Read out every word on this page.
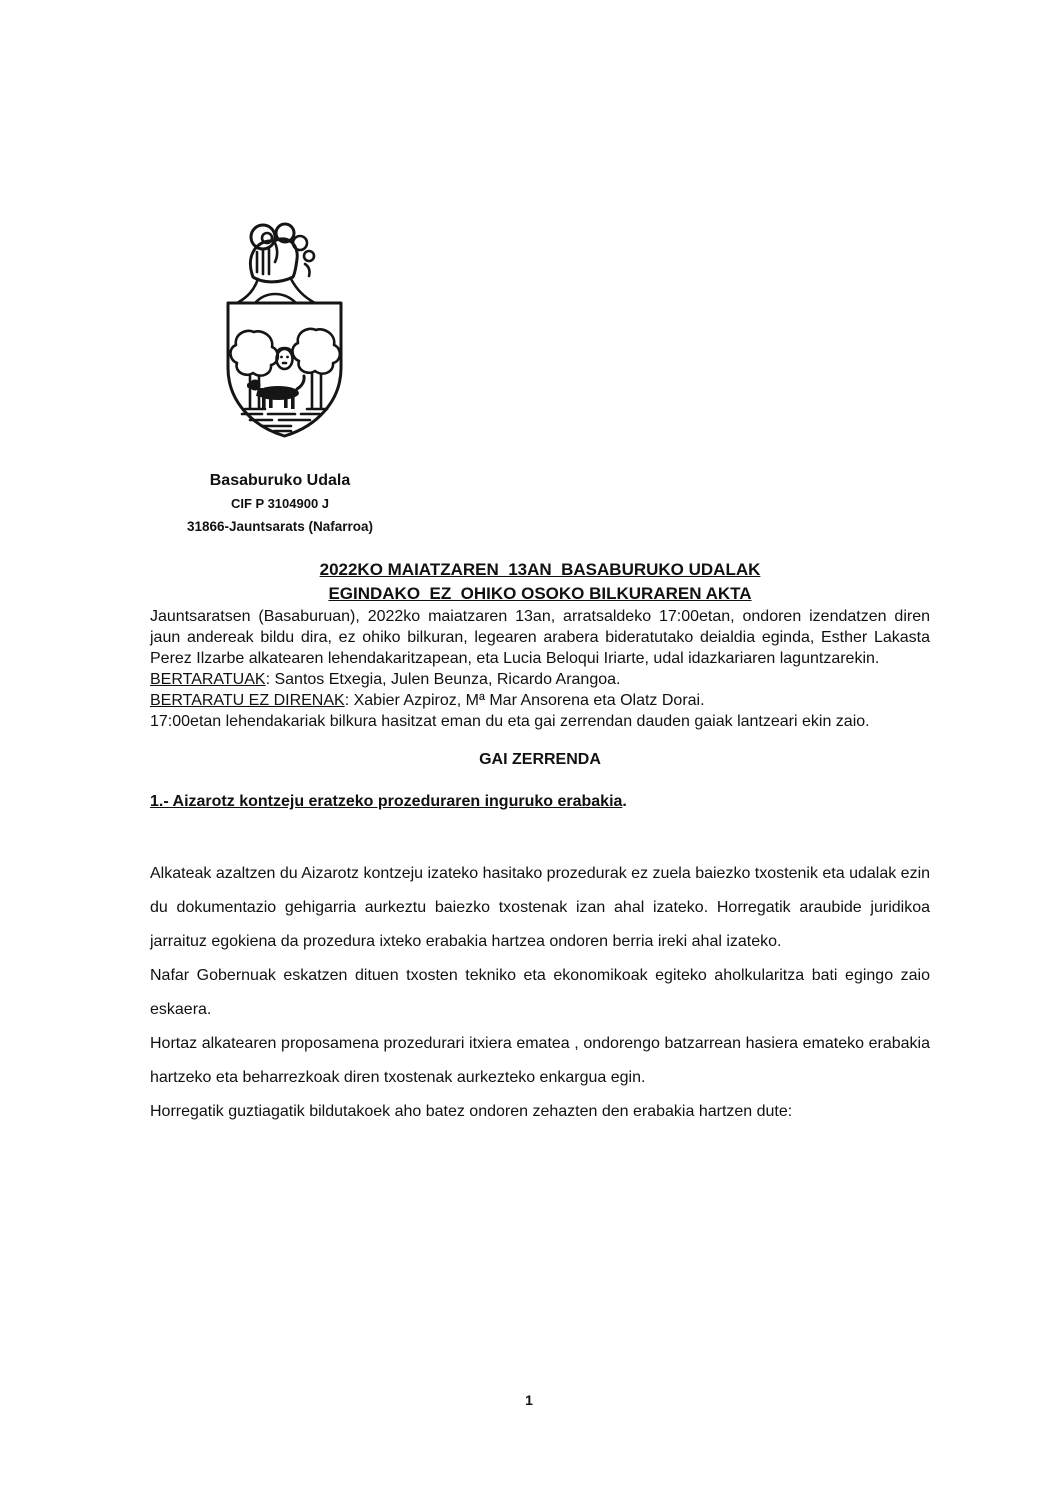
Basaburuko Udala
CIF P 3104900 J
31866-Jauntsarats (Nafarroa)
2022KO MAIATZAREN  13AN  BASABURUKO UDALAK
EGINDAKO  EZ  OHIKO OSOKO BILKURAREN AKTA

Jauntsaratsen (Basaburuan), 2022ko maiatzaren 13an, arratsaldeko 17:00etan, ondoren izendatzen diren jaun andereak bildu dira, ez ohiko bilkuran, legearen arabera bideratutako deialdia eginda, Esther Lakasta Perez Ilzarbe alkatearen lehendakaritzapean, eta Lucia Beloqui Iriarte, udal idazkariaren laguntzarekin.

BERTARATUAK: Santos Etxegia, Julen Beunza, Ricardo Arangoa.

BERTARATU EZ DIRENAK: Xabier Azpiroz, Mª Mar Ansorena eta Olatz Dorai.

17:00etan lehendakariak bilkura hasitzat eman du eta gai zerrendan dauden gaiak lantzeari ekin zaio.

GAI ZERRENDA
1.- Aizarotz kontzeju eratzeko prozeduraren inguruko erabakia.

Alkateak azaltzen du Aizarotz kontzeju izateko hasitako prozedurak ez zuela baiezko txostenik eta udalak ezin du dokumentazio gehigarria aurkeztu baiezko txostenak izan ahal izateko. Horregatik araubide juridikoa jarraituz egokiena da prozedura ixteko erabakia hartzea ondoren berria ireki ahal izateko.

Nafar Gobernuak eskatzen dituen txosten tekniko eta ekonomikoak egiteko aholkularitza bati egingo zaio eskaera.

Hortaz alkatearen proposamena prozedurari itxiera ematea , ondorengo batzarrean hasiera emateko erabakia hartzeko eta beharrezkoak diren txostenak aurkezteko enkargua egin.

Horregatik guztiagatik bildutakoek aho batez ondoren zehazten den erabakia hartzen dute:

1
